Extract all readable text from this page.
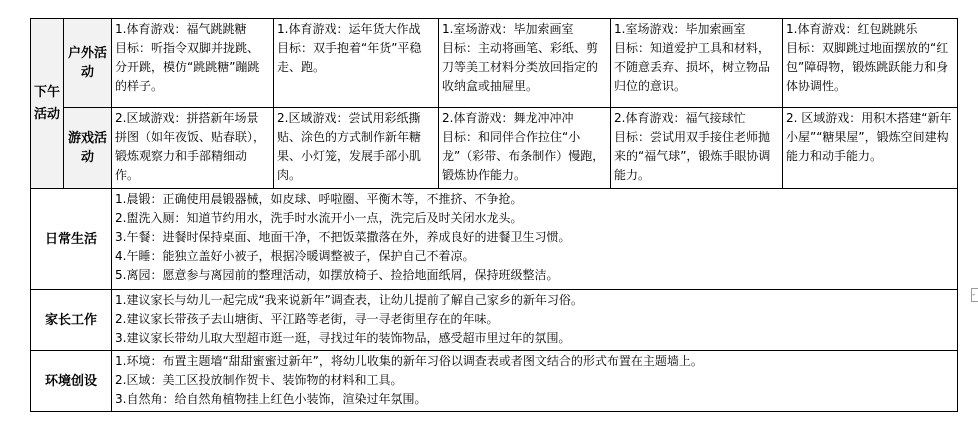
下午活动	户外活动	1.体育游戏：福气跳跳糖
目标：听指令双脚并拢跳、分开跳，模仿“跳跳糖”蹦跳的样子。	1.体育游戏：运年货大作战
目标：双手抱着“年货”平稳走、跑。	1.室场游戏：毕加索画室
目标：主动将画笔、彩纸、剪刀等美工材料分类放回指定的收纳盒或抽屉里。	1.室场游戏：毕加索画室
目标：知道爱护工具和材料，不随意丢弃、损坏，树立物品归位的意识。	1.体育游戏：红包跳跳乐
目标：双脚跳过地面摆放的“红包”障碍物，锻炼跳跃能力和身体协调性。

	游戏活动	2.区域游戏：拼搭新年场景拼图（如年夜饭、贴春联），锻炼观察力和手部精细动作。	2.区域游戏：尝试用彩纸撕贴、涂色的方式制作新年糖果、小灯笼，发展手部小肌肉。	2.体育游戏：舞龙冲冲冲
目标：和同伴合作拉住“小龙”（彩带、布条制作）慢跑，锻炼协作能力。	2.体育游戏：福气接球忙
目标：尝试用双手接住老师抛来的“福气球”，锻炼手眼协调能力。	2. 区域游戏：用积木搭建“新年小屋”“糖果屋”，锻炼空间建构能力和动手能力。

日常生活		1.晨锻：正确使用晨锻器械，如皮球、呼啦圈、平衡木等，不推挤、不争抢。
2.盥洗入厕：知道节约用水，洗手时水流开小一点，洗完后及时关闭水龙头。
3.午餐：进餐时保持桌面、地面干净，不把饭菜撒落在外，养成良好的进餐卫生习惯。
4.午睡：能独立盖好小被子，根据冷暖调整被子，保护自己不着凉。
5.离园：愿意参与离园前的整理活动，如摆放椅子、捡拾地面纸屑，保持班级整洁。				

家长工作		1.建议家长与幼儿一起完成“我来说新年”调查表，让幼儿提前了解自己家乡的新年习俗。
2.建议家长带孩子去山塘街、平江路等老街，寻一寻老街里存在的年味。
3.建议家长带幼儿取大型超市逛一逛，寻找过年的装饰物品，感受超市里过年的氛围。				

环境创设		1.环境：布置主题墙“甜甜蜜蜜过新年”，将幼儿收集的新年习俗以调查表或者图文结合的形式布置在主题墙上。
2.区域：美工区投放制作贺卡、装饰物的材料和工具。
3.自然角：给自然角植物挂上红色小装饰，渲染过年氛围。				
-
